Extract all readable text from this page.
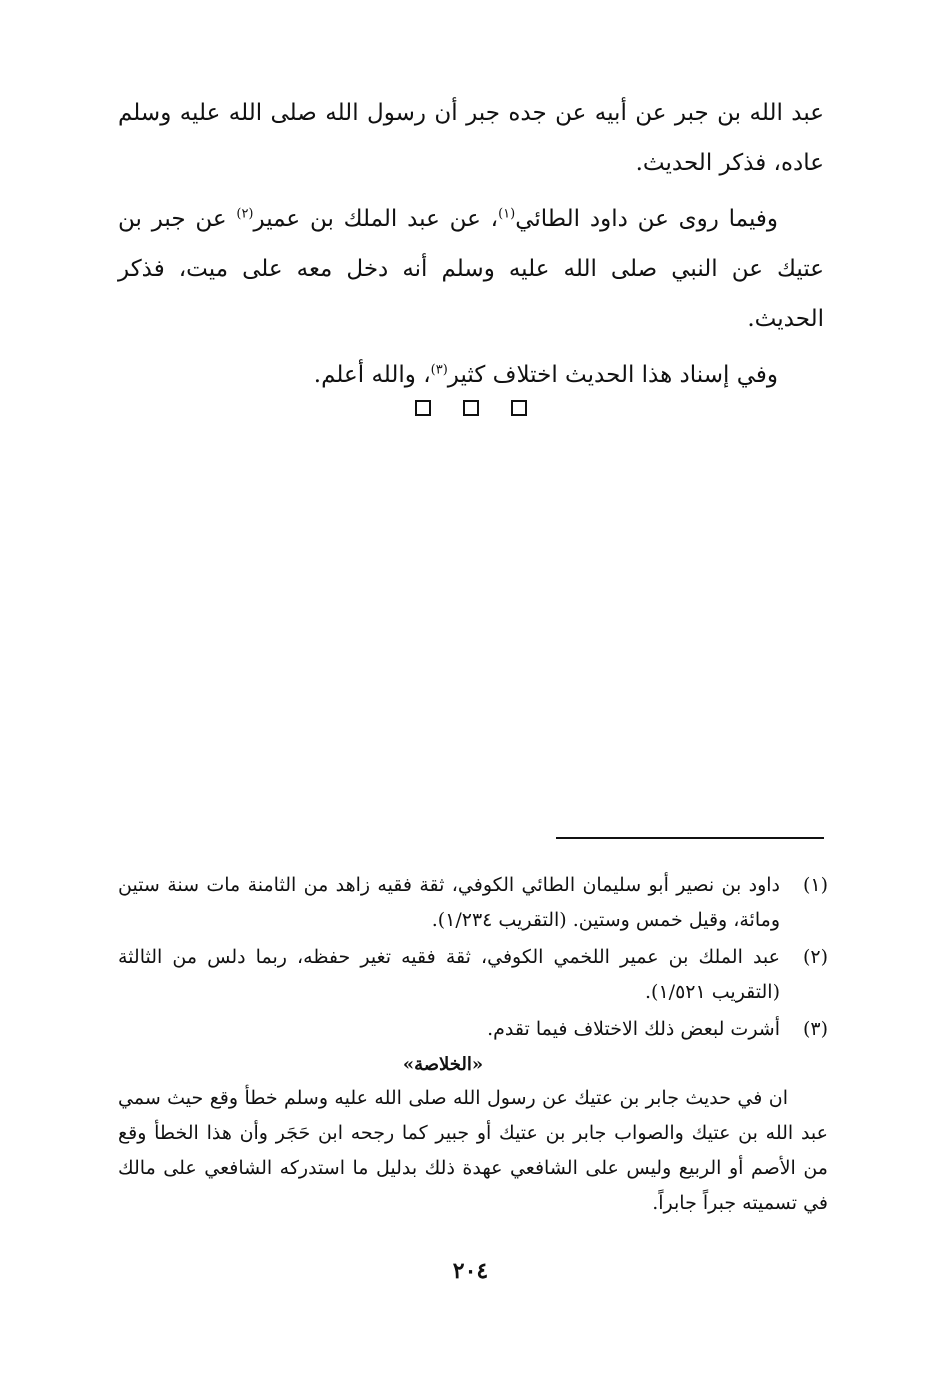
عبد الله بن جبر عن أبيه عن جده جبر أن رسول الله صلى الله عليه وسلم عاده، فذكر الحديث.

وفيما روى عن داود الطائي$^{(١)}$، عن عبد الملك بن عمير$^{(٢)}$ عن جبر بن عتيك عن النبي صلى الله عليه وسلم أنه دخل معه على ميت، فذكر الحديث.

وفي إسناد هذا الحديث اختلاف كثير$^{(٣)}$، والله أعلم.

(١)
داود بن نصير أبو سليمان الطائي الكوفي، ثقة فقيه زاهد من الثامنة مات سنة ستين ومائة، وقيل خمس وستين. (التقريب ١/٢٣٤).
(٢)
عبد الملك بن عمير اللخمي الكوفي، ثقة فقيه تغير حفظه، ربما دلس من الثالثة (التقريب ١/٥٢١).
(٣)
أشرت لبعض ذلك الاختلاف فيما تقدم.
«الخلاصة»

ان في حديث جابر بن عتيك عن رسول الله صلى الله عليه وسلم خطأ وقع حيث سمي عبد الله بن عتيك والصواب جابر بن عتيك أو جبير كما رجحه ابن حَجَر وأن هذا الخطأ وقع من الأصم أو الربيع وليس على الشافعي عهدة ذلك بدليل ما استدركه الشافعي على مالك في تسميته جبراً جابراً.

٢٠٤
